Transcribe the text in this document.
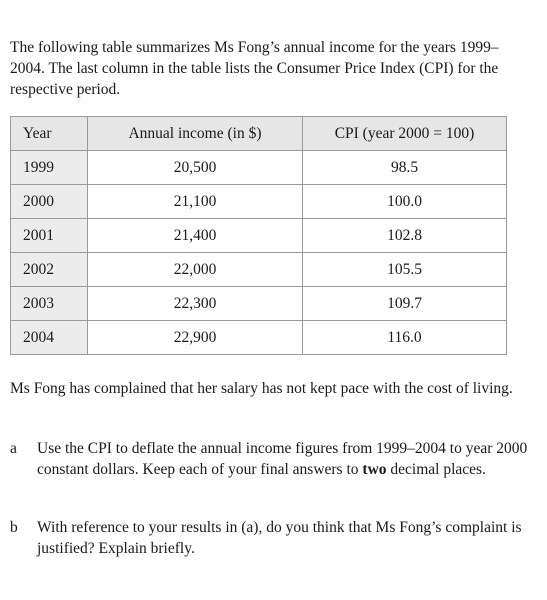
The following table summarizes Ms Fong’s annual income for the years 1999–2004. The last column in the table lists the Consumer Price Index (CPI) for the respective period.
Year	Annual income (in $)	CPI (year 2000 = 100)
1999	20,500	98.5
2000	21,100	100.0
2001	21,400	102.8
2002	22,000	105.5
2003	22,300	109.7
2004	22,900	116.0
Ms Fong has complained that her salary has not kept pace with the cost of living.
a Use the CPI to deflate the annual income figures from 1999–2004 to year 2000 constant dollars. Keep each of your final answers to two decimal places.
b With reference to your results in (a), do you think that Ms Fong’s complaint is justified? Explain briefly.
